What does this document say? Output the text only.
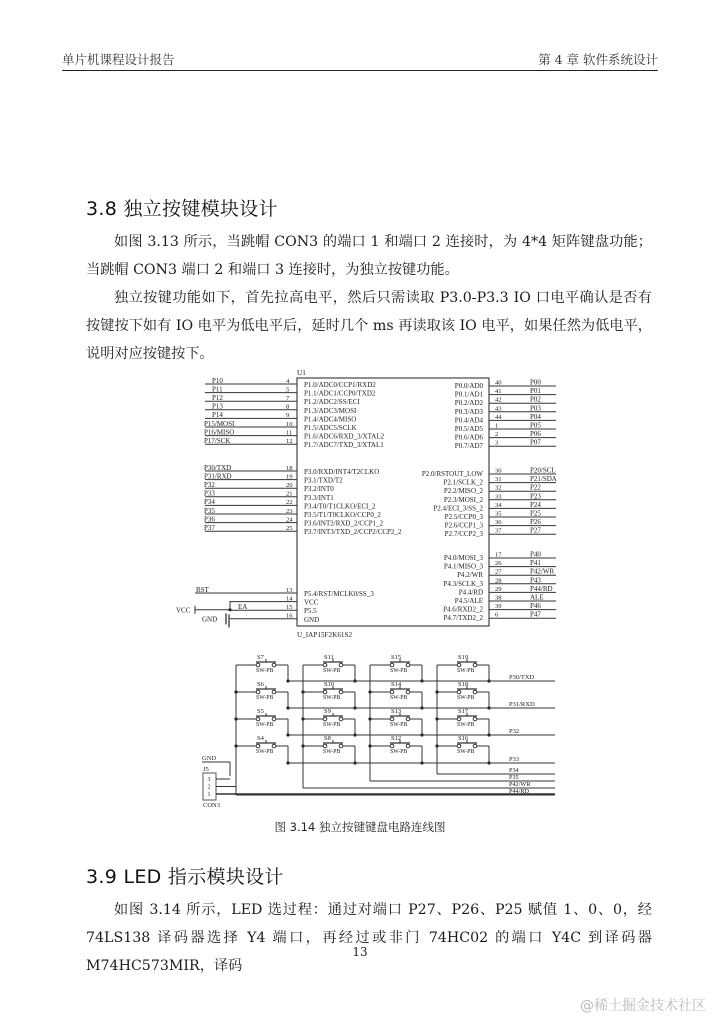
单片机课程设计报告	第 4 章 软件系统设计
3.8 独立按键模块设计

如图 3.13 所示，当跳帽 CON3 的端口 1 和端口 2 连接时，为 4*4 矩阵键盘功能；当跳帽 CON3 端口 2 和端口 3 连接时，为独立按键功能。

独立按键功能如下，首先拉高电平，然后只需读取 P3.0-P3.3 IO 口电平确认是否有按键按下如有 IO 电平为低电平后，延时几个 ms 再读取该 IO 电平，如果任然为低电平，说明对应按键按下。

U1
U_IAP15F2K61S2
P10	4 P1.0/ADC0/CCP1/RXD2
P11	5 P1.1/ADC1/CCP0/TXD2
P12	7 P1.2/ADC2/SS/ECI
P13	8 P1.3/ADC3/MOSI
P14	9 P1.4/ADC4/MISO
P15/MOSI	10 P1.5/ADC5/SCLK
P16/MISO	11 P1.6/ADC6/RXD_3/XTAL2
P17/SCK	12 P1.7/ADC7/TXD_3/XTAL1
P30/TXD	18 P3.0/RXD/INT4/T2CLKO
P31/RXD	19 P3.1/TXD/T2
P32	20 P3.2/INT0
P33	21 P3.3/INT1
P34	22 P3.4/T0/T1CLKO/ECI_2
P35	23 P3.5/T1/T0CLKO/CCP0_2
P36	24 P3.6/INT2/RXD_2/CCP1_2
P37	25 P3.7/INT3/TXD_2/CCP2/CCP2_2
RST	13 P5.4/RST/MCLK0/SS_3
14 VCC
EA	15 P5.5
16 GND
VCC
GND
40	P00
P0.0/AD0
41	P01
P0.1/AD1
42	P02
P0.2/AD2
43	P03
P0.3/AD3
44	P04
P0.4/AD4
1	P05
P0.5/AD5
2	P06
P0.6/AD6
3	P07
P0.7/AD7
30	P20/SCL
P2.0/RSTOUT_LOW
31	P21/SDA
P2.1/SCLK_2
32	P22
P2.2/MISO_2
33	P23
P2.3/MOSI_2
34	P24
P2.4/ECI_3/SS_2
35	P25
P2.5/CCP0_3
36	P26
P2.6/CCP1_3
37	P27
P2.7/CCP2_3
17	P40
P4.0/MOSI_3
26	P41
P4.1/MISO_3
27	P42/WR
P4.2/WR
28	P43
P4.3/SCLK_3
29	P44/RD
P4.4/RD
38	ALE
P4.5/ALE
39	P46
P4.6/RXD2_2
6	P47
P4.7/TXD2_2
S7
SW-PB
S11
SW-PB
S15
SW-PB
S19
SW-PB
P30/TXD
S6
SW-PB
S10
SW-PB
S14
SW-PB
S18
SW-PB
P31/RXD
S5
SW-PB
S9
SW-PB
S13
SW-PB
S17
SW-PB
P32
S4
SW-PB
S8
SW-PB
S12
SW-PB
S16
SW-PB
P33
P34
P35
P42/WR
P44/RD
GND
J5
3
2
1
CON3
图 3.14 独立按键键盘电路连线图
3.9 LED 指示模块设计

如图 3.14 所示，LED 选过程：通过对端口 P27、P26、P25 赋值 1、0、0，经 74LS138 译码器选择 Y4 端口，再经过或非门 74HC02 的端口 Y4C 到译码器 M74HC573MIR，译码

13
@稀土掘金技术社区
